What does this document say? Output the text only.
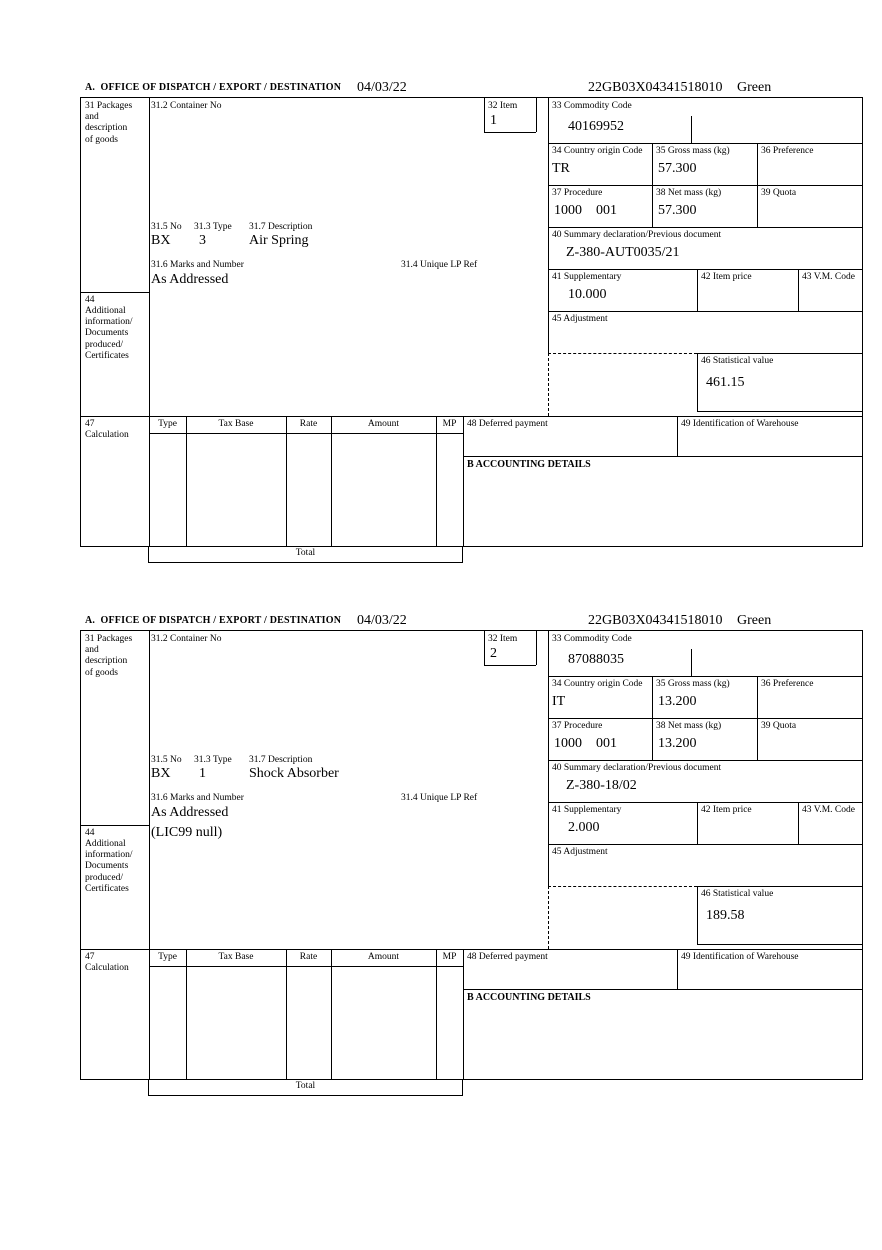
A.  OFFICE OF DISPATCH / EXPORT / DESTINATION 04/03/22	22GB03X04341518010 Green
31 Packages and description of goods
44
Additional information/ Documents produced/ Certificates
47
Calculation
31.2 Container No	32 Item
1
31.5 No 31.3 Type 31.7 Description
BX 3	Air Spring
31.6 Marks and Number	31.4 Unique LP Ref
As Addressed
33 Commodity Code
40169952
34 Country origin Code
TR
35 Gross mass (kg)
57.300
36 Preference
37 Procedure
1000 001
38 Net mass (kg)
57.300
39 Quota
40 Summary declaration/Previous document
Z-380-AUT0035/21
41 Supplementary
10.000
42 Item price	43 V.M. Code
45 Adjustment
46 Statistical value
461.15
Type	Tax Base	Rate	Amount	MP	48 Deferred payment	49 Identification of Warehouse
B ACCOUNTING DETAILS
Total
A.  OFFICE OF DISPATCH / EXPORT / DESTINATION 04/03/22	22GB03X04341518010 Green
31 Packages and description of goods
44
Additional information/ Documents produced/ Certificates
47
Calculation
31.2 Container No	32 Item
2
31.5 No 31.3 Type 31.7 Description
BX 1	Shock Absorber
31.6 Marks and Number	31.4 Unique LP Ref
As Addressed
(LIC99 null)
33 Commodity Code
87088035
34 Country origin Code
IT
35 Gross mass (kg)
13.200
36 Preference
37 Procedure
1000 001
38 Net mass (kg)
13.200
39 Quota
40 Summary declaration/Previous document
Z-380-18/02
41 Supplementary
2.000
42 Item price	43 V.M. Code
45 Adjustment
46 Statistical value
189.58
Type	Tax Base	Rate	Amount	MP	48 Deferred payment	49 Identification of Warehouse
B ACCOUNTING DETAILS
Total
